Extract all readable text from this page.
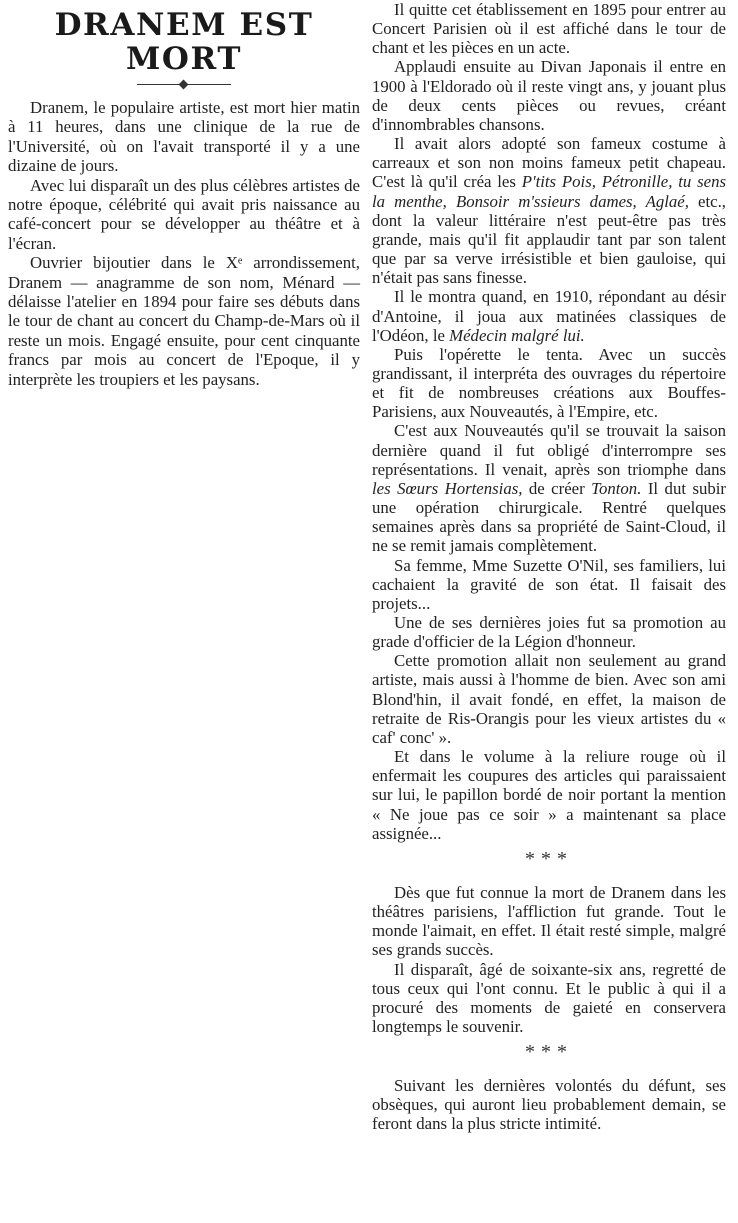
DRANEM EST MORT

Dranem, le populaire artiste, est mort hier matin à 11 heures, dans une clinique de la rue de l'Université, où on l'avait transporté il y a une dizaine de jours.

Avec lui disparaît un des plus célèbres artistes de notre époque, célébrité qui avait pris naissance au café-concert pour se développer au théâtre et à l'écran.

Ouvrier bijoutier dans le Xᵉ arrondissement, Dranem — anagramme de son nom, Ménard — délaisse l'atelier en 1894 pour faire ses débuts dans le tour de chant au concert du Champ-de-Mars où il reste un mois. Engagé ensuite, pour cent cinquante francs par mois au concert de l'Epoque, il y interprète les troupiers et les paysans.

Il quitte cet établissement en 1895 pour entrer au Concert Parisien où il est affiché dans le tour de chant et les pièces en un acte.

Applaudi ensuite au Divan Japonais il entre en 1900 à l'Eldorado où il reste vingt ans, y jouant plus de deux cents pièces ou revues, créant d'innombrables chansons.

Il avait alors adopté son fameux costume à carreaux et son non moins fameux petit chapeau. C'est là qu'il créa les P'tits Pois, Pétronille, tu sens la menthe, Bonsoir m'ssieurs dames, Aglaé, etc., dont la valeur littéraire n'est peut-être pas très grande, mais qu'il fit applaudir tant par son talent que par sa verve irrésistible et bien gauloise, qui n'était pas sans finesse.

Il le montra quand, en 1910, répondant au désir d'Antoine, il joua aux matinées classiques de l'Odéon, le Médecin malgré lui.

Puis l'opérette le tenta. Avec un succès grandissant, il interpréta des ouvrages du répertoire et fit de nombreuses créations aux Bouffes-Parisiens, aux Nouveautés, à l'Empire, etc.

C'est aux Nouveautés qu'il se trouvait la saison dernière quand il fut obligé d'interrompre ses représentations. Il venait, après son triomphe dans les Sœurs Hortensias, de créer Tonton. Il dut subir une opération chirurgicale. Rentré quelques semaines après dans sa propriété de Saint-Cloud, il ne se remit jamais complètement.

Sa femme, Mme Suzette O'Nil, ses familiers, lui cachaient la gravité de son état. Il faisait des projets...

Une de ses dernières joies fut sa promotion au grade d'officier de la Légion d'honneur.

Cette promotion allait non seulement au grand artiste, mais aussi à l'homme de bien. Avec son ami Blond'hin, il avait fondé, en effet, la maison de retraite de Ris-Orangis pour les vieux artistes du « caf' conc' ».

Et dans le volume à la reliure rouge où il enfermait les coupures des articles qui paraissaient sur lui, le papillon bordé de noir portant la mention « Ne joue pas ce soir » a maintenant sa place assignée...

***

Dès que fut connue la mort de Dranem dans les théâtres parisiens, l'affliction fut grande. Tout le monde l'aimait, en effet. Il était resté simple, malgré ses grands succès.

Il disparaît, âgé de soixante-six ans, regretté de tous ceux qui l'ont connu. Et le public à qui il a procuré des moments de gaieté en conservera longtemps le souvenir.

***

Suivant les dernières volontés du défunt, ses obsèques, qui auront lieu probablement demain, se feront dans la plus stricte intimité.
